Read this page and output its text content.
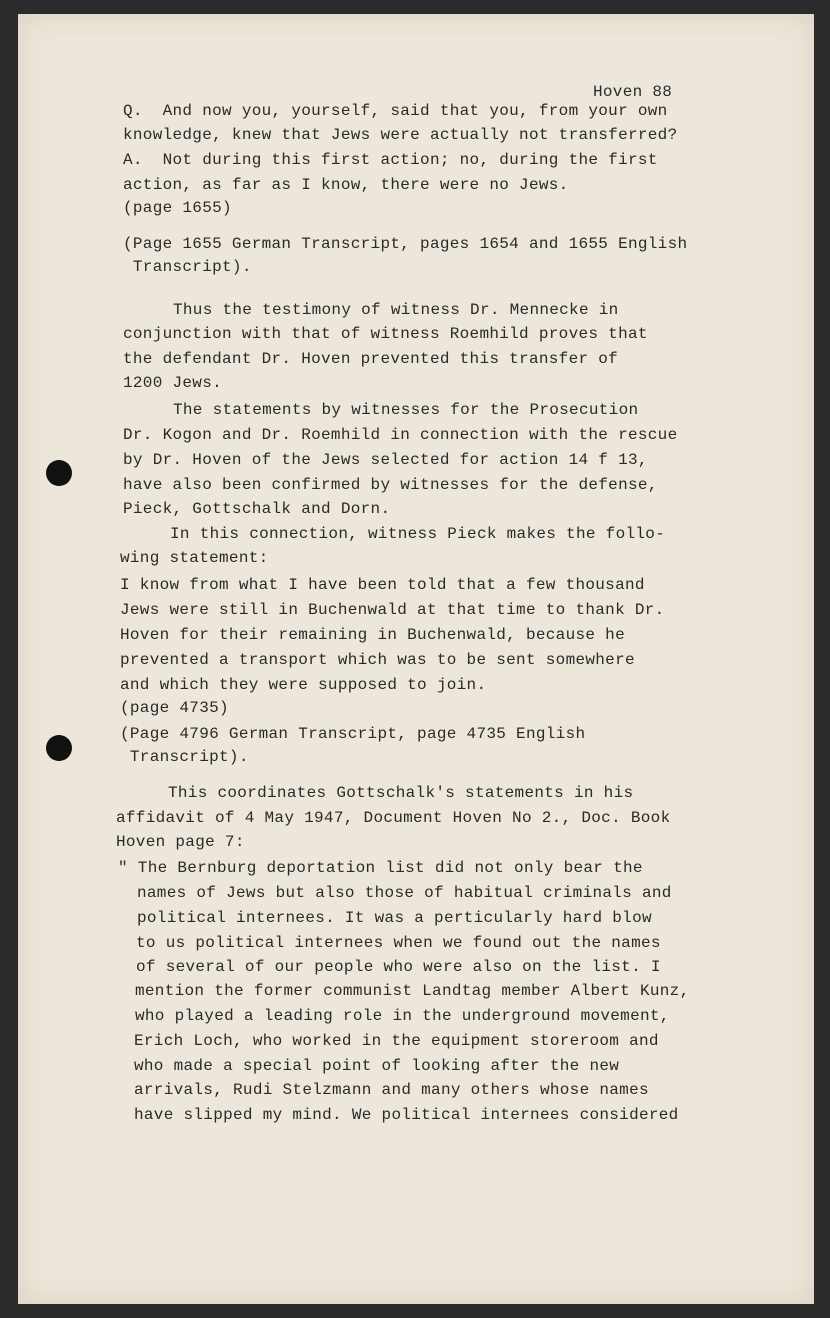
Hoven 88
Q.  And now you, yourself, said that you, from your own
knowledge, knew that Jews were actually not transferred?
A.  Not during this first action; no, during the first
action, as far as I know, there were no Jews.
(page 1655)
(Page 1655 German Transcript, pages 1654 and 1655 English
Transcript).
Thus the testimony of witness Dr. Mennecke in
conjunction with that of witness Roemhild proves that
the defendant Dr. Hoven prevented this transfer of
1200 Jews.
The statements by witnesses for the Prosecution
Dr. Kogon and Dr. Roemhild in connection with the rescue
by Dr. Hoven of the Jews selected for action 14 f 13,
have also been confirmed by witnesses for the defense,
Pieck, Gottschalk and Dorn.
In this connection, witness Pieck makes the follo-
wing statement:
I know from what I have been told that a few thousand
Jews were still in Buchenwald at that time to thank Dr.
Hoven for their remaining in Buchenwald, because he
prevented a transport which was to be sent somewhere
and which they were supposed to join.
(page 4735)
(Page 4796 German Transcript, page 4735 English
Transcript).
This coordinates Gottschalk's statements in his
affidavit of 4 May 1947, Document Hoven No 2., Doc. Book
Hoven page 7:
" The Bernburg deportation list did not only bear the
names of Jews but also those of habitual criminals and
political internees. It was a perticularly hard blow
to us political internees when we found out the names
of several of our people who were also on the list. I
mention the former communist Landtag member Albert Kunz,
who played a leading role in the underground movement,
Erich Loch, who worked in the equipment storeroom and
who made a special point of looking after the new
arrivals, Rudi Stelzmann and many others whose names
have slipped my mind. We political internees considered
